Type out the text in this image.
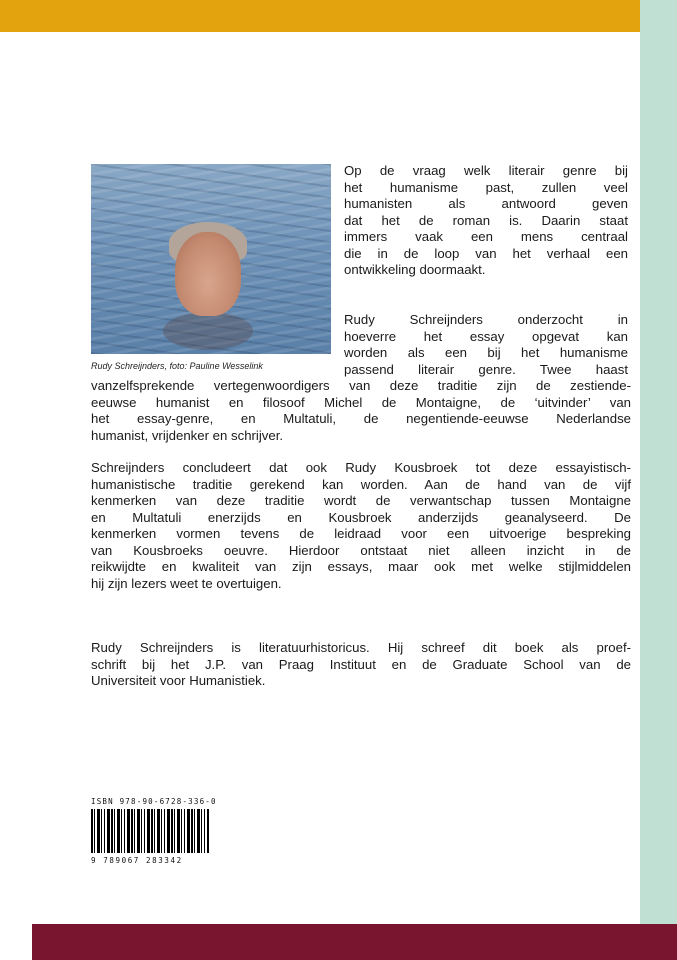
Rudy Schreijnders, foto: Pauline Wesselink
Op de vraag welk literair genre bij
het humanisme past, zullen veel
humanisten als antwoord geven
dat het de roman is. Daarin staat
immers vaak een mens centraal
die in de loop van het verhaal een
ontwikkeling doormaakt.
Rudy Schreijnders onderzocht in
hoeverre het essay opgevat kan
worden als een bij het humanisme
passend literair genre. Twee haast
vanzelfsprekende vertegenwoordigers van deze traditie zijn de zestiende-
eeuwse humanist en filosoof Michel de Montaigne, de ‘uitvinder’ van
het essay-genre, en Multatuli, de negentiende-eeuwse Nederlandse
humanist, vrijdenker en schrijver.
Schreijnders concludeert dat ook Rudy Kousbroek tot deze essayistisch-
humanistische traditie gerekend kan worden. Aan de hand van de vijf
kenmerken van deze traditie wordt de verwantschap tussen Montaigne
en Multatuli enerzijds en Kousbroek anderzijds geanalyseerd. De
kenmerken vormen tevens de leidraad voor een uitvoerige bespreking
van Kousbroeks oeuvre. Hierdoor ontstaat niet alleen inzicht in de
reikwijdte en kwaliteit van zijn essays, maar ook met welke stijlmiddelen
hij zijn lezers weet te overtuigen.
Rudy Schreijnders is literatuurhistoricus. Hij schreef dit boek als proef-
schrift bij het J.P. van Praag Instituut en de Graduate School van de
Universiteit voor Humanistiek.
ISBN 978-90-6728-336-0
9 789067 283342
